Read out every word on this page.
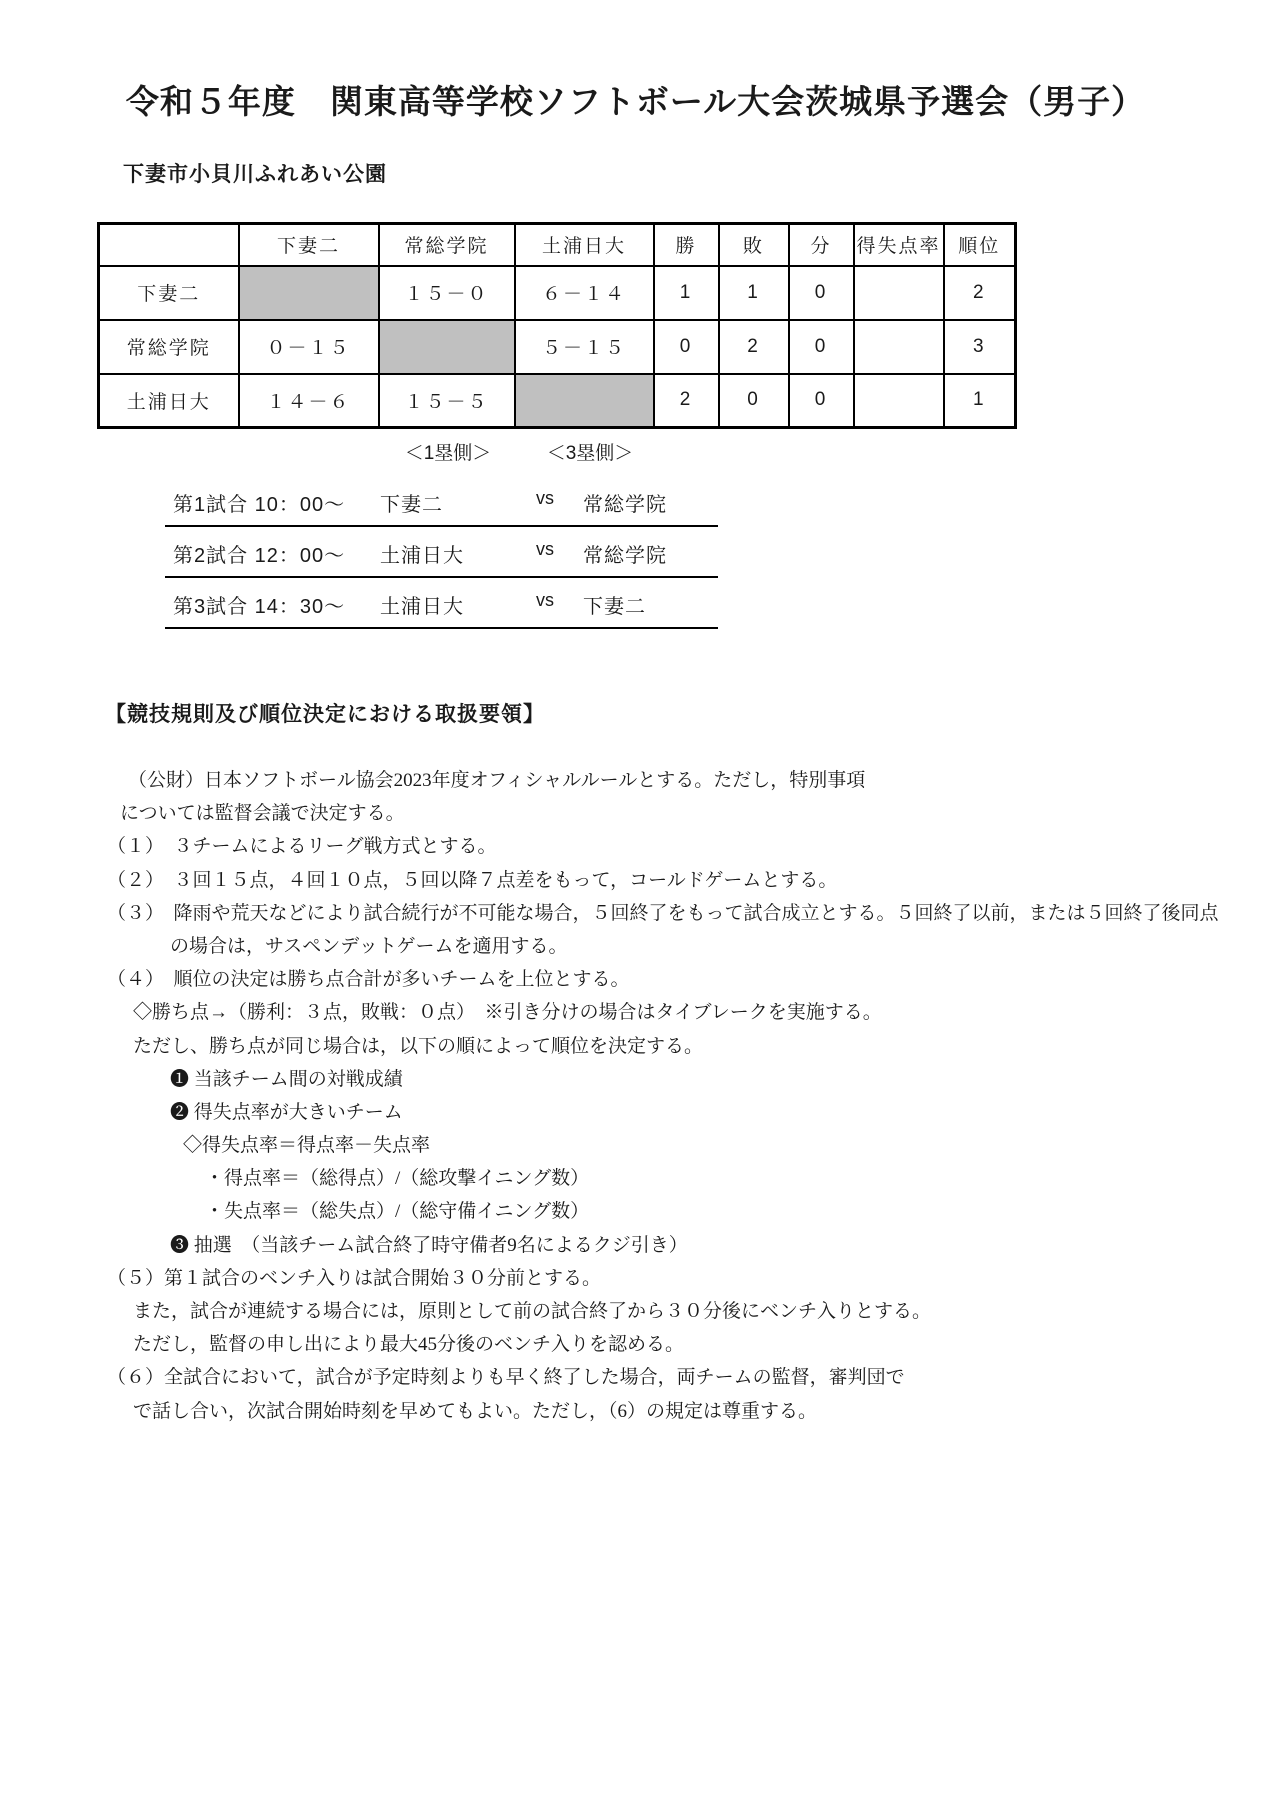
令和５年度　関東高等学校ソフトボール大会茨城県予選会（男子）
下妻市小貝川ふれあい公園
	下妻二	常総学院	土浦日大	勝	敗	分	得失点率	順位
下妻二		１５－０	６－１４	1	1	0		2
常総学院	０－１５		５－１５	0	2	0		3
土浦日大	１４－６	１５－５		2	0	0		1
＜1塁側＞	＜3塁側＞
第1試合 10：00～ 下妻二	vs 常総学院
第2試合 12：00～ 土浦日大	vs 常総学院
第3試合 14：30～ 土浦日大	vs 下妻二
【競技規則及び順位決定における取扱要領】
（公財）日本ソフトボール協会2023年度オフィシャルルールとする。ただし，特別事項
については監督会議で決定する。
（１）　３チームによるリーグ戦方式とする。
（２）　３回１５点，４回１０点，５回以降７点差をもって，コールドゲームとする。
（３）　降雨や荒天などにより試合続行が不可能な場合，５回終了をもって試合成立とする。５回終了以前，または５回終了後同点
の場合は，サスペンデットゲームを適用する。
（４）　順位の決定は勝ち点合計が多いチームを上位とする。
◇勝ち点→（勝利：３点，敗戦：０点）　※引き分けの場合はタイブレークを実施する。
ただし、勝ち点が同じ場合は，以下の順によって順位を決定する。
❶ 当該チーム間の対戦成績
❷ 得失点率が大きいチーム
◇得失点率＝得点率－失点率
・得点率＝（総得点）/（総攻撃イニング数）
・失点率＝（総失点）/（総守備イニング数）
❸ 抽選　（当該チーム試合終了時守備者9名によるクジ引き）
（５）第１試合のベンチ入りは試合開始３０分前とする。
また，試合が連続する場合には，原則として前の試合終了から３０分後にベンチ入りとする。
ただし，監督の申し出により最大45分後のベンチ入りを認める。
（６）全試合において，試合が予定時刻よりも早く終了した場合，両チームの監督，審判団で
で話し合い，次試合開始時刻を早めてもよい。ただし，（6）の規定は尊重する。
